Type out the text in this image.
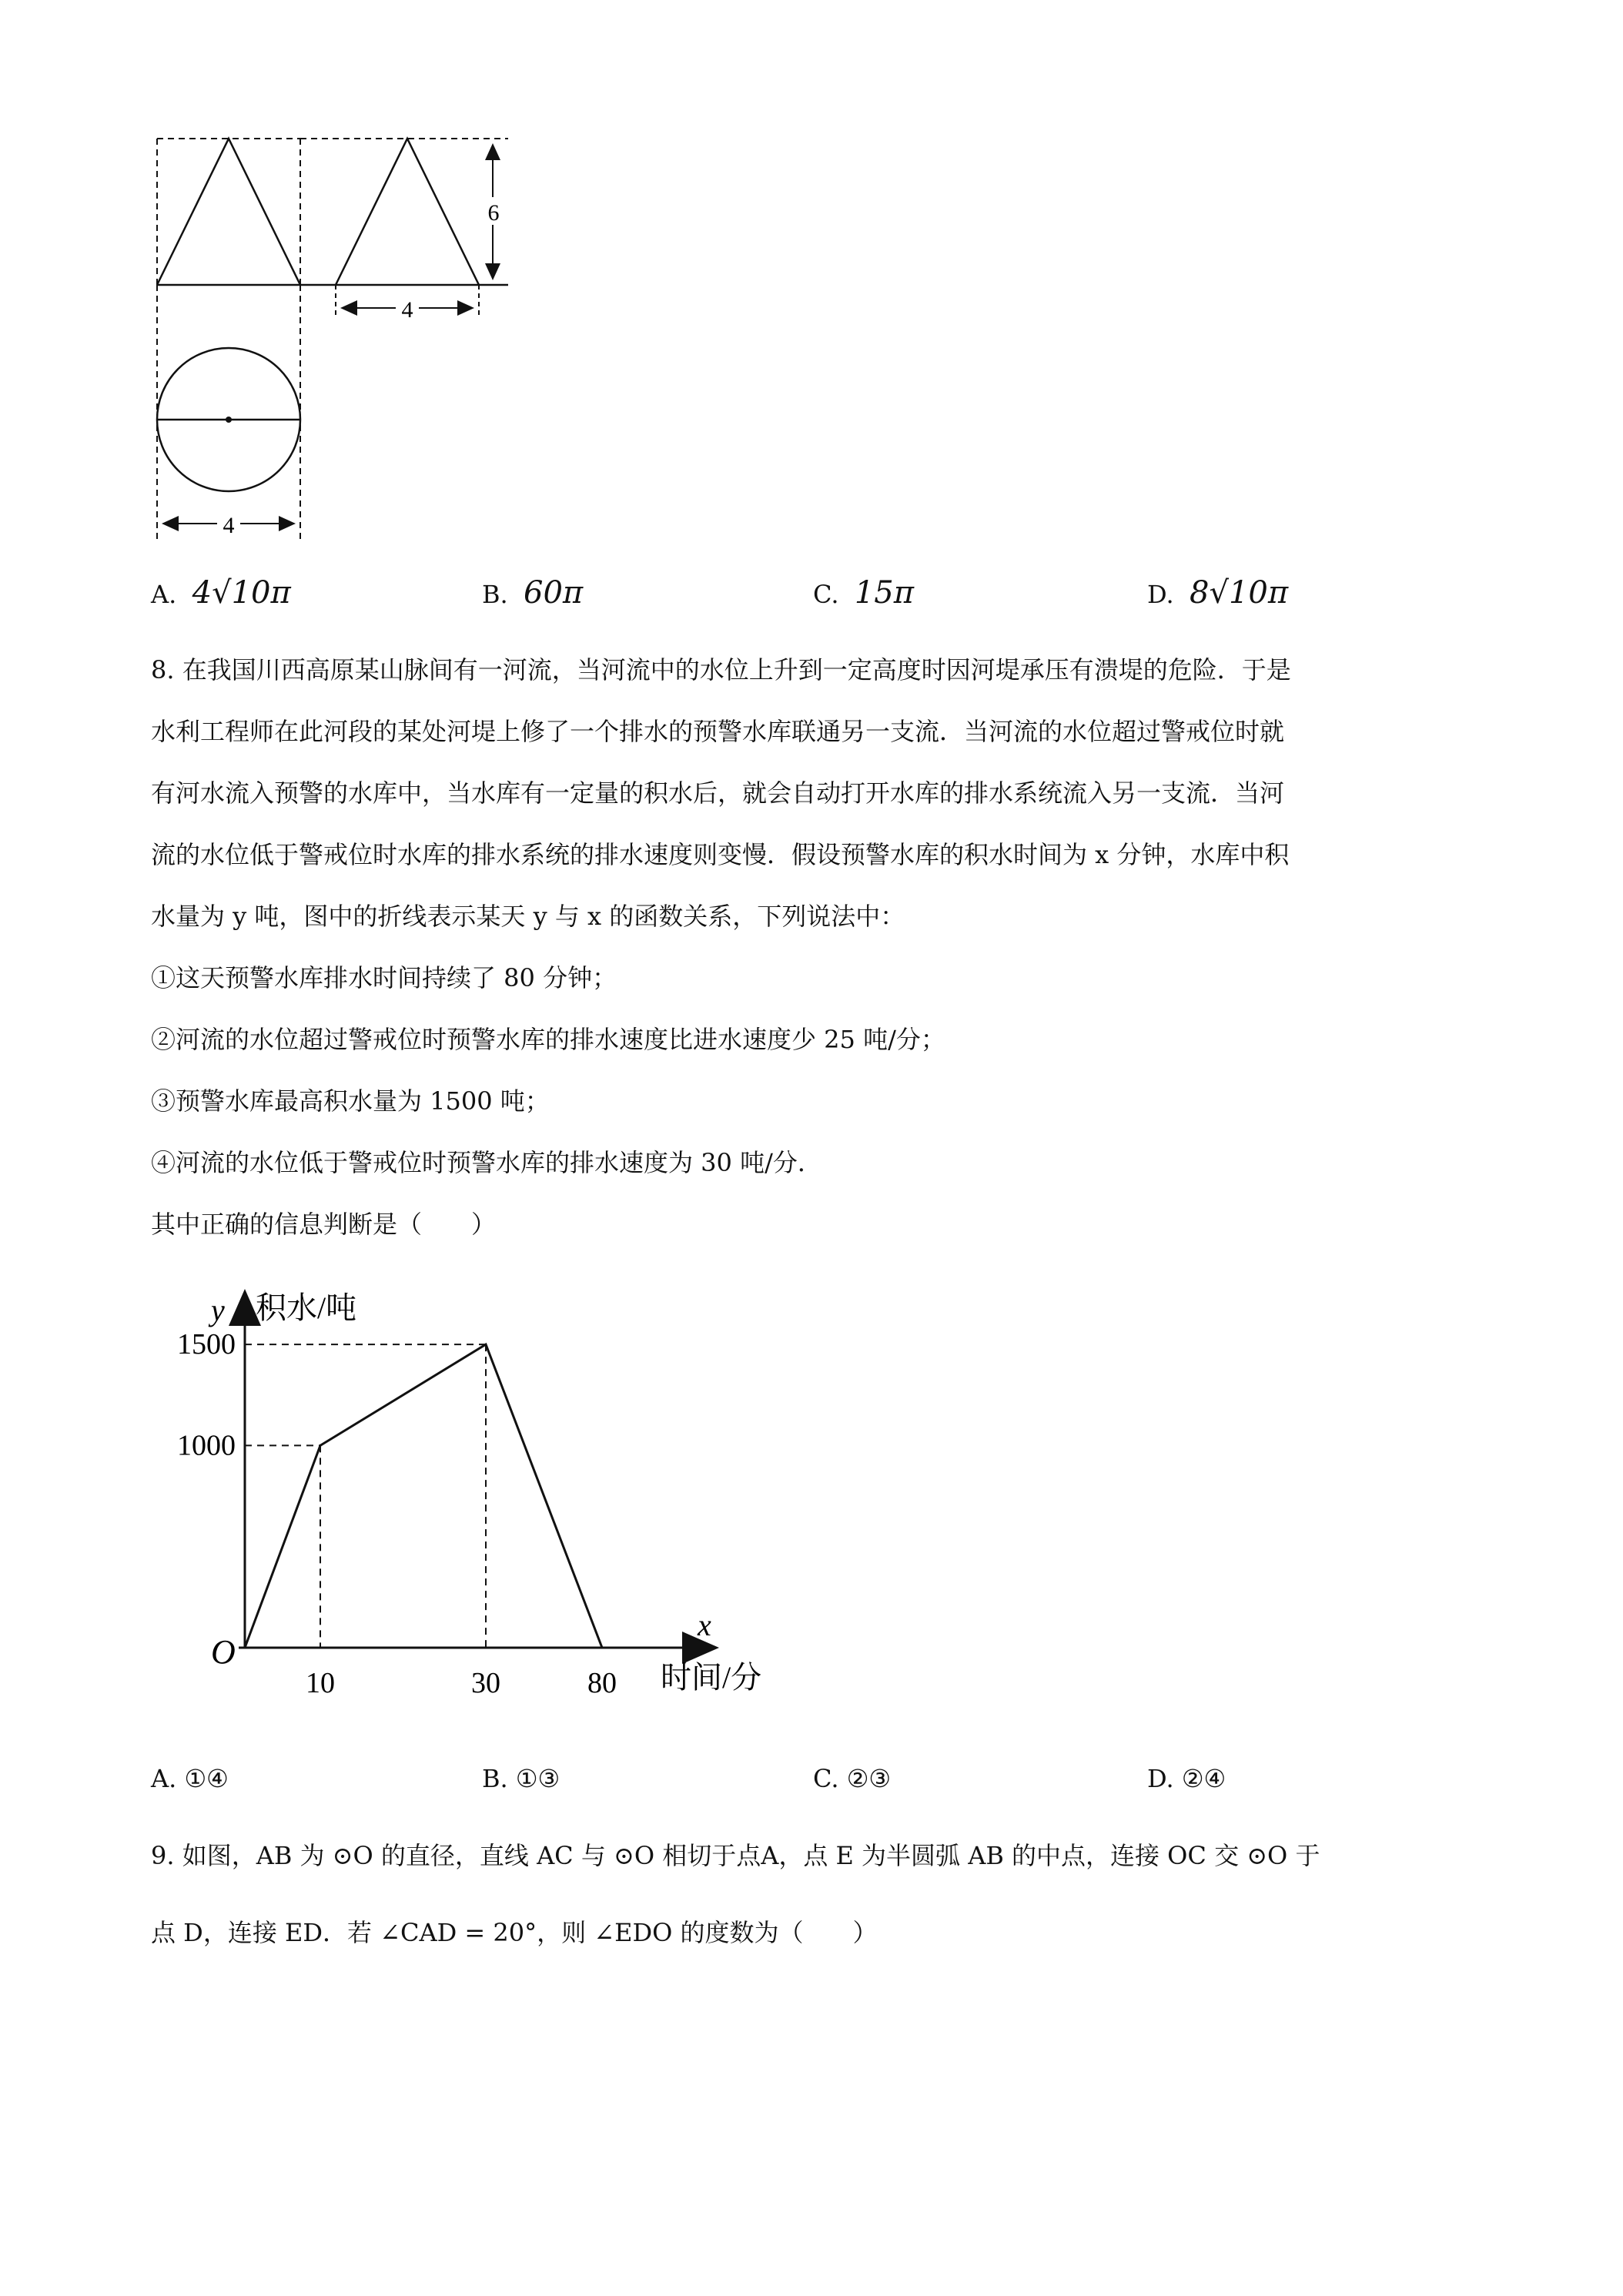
6
4
4
A. 4√10π	B. 60π	C. 15π	D. 8√10π
8. 在我国川西高原某山脉间有一河流，当河流中的水位上升到一定高度时因河堤承压有溃堤的危险．于是
水利工程师在此河段的某处河堤上修了一个排水的预警水库联通另一支流．当河流的水位超过警戒位时就
有河水流入预警的水库中，当水库有一定量的积水后，就会自动打开水库的排水系统流入另一支流．当河
流的水位低于警戒位时水库的排水系统的排水速度则变慢．假设预警水库的积水时间为 x 分钟，水库中积
水量为 y 吨，图中的折线表示某天 y 与 x 的函数关系，下列说法中：
①这天预警水库排水时间持续了 80 分钟；
②河流的水位超过警戒位时预警水库的排水速度比进水速度少 25 吨/分；
③预警水库最高积水量为 1500 吨；
④河流的水位低于警戒位时预警水库的排水速度为 30 吨/分．
其中正确的信息判断是（　　）
1000
1500
10	30	80
O
y 积水/吨
x
时间/分
A. ①④	B. ①③	C. ②③	D. ②④
9. 如图，AB 为 ⊙O 的直径，直线 AC 与 ⊙O 相切于点A，点 E 为半圆弧 AB 的中点，连接 OC 交 ⊙O 于
点 D，连接 ED．若 ∠CAD = 20°，则 ∠EDO 的度数为（　　）
